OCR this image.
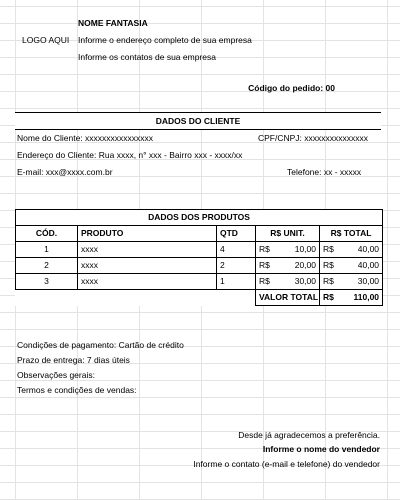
LOGO AQUI
NOME FANTASIA
Informe o endereço completo de sua empresa
Informe os contatos de sua empresa
Código do pedido: 00
DADOS DO CLIENTE
Nome do Cliente: xxxxxxxxxxxxxxxx	CPF/CNPJ: xxxxxxxxxxxxxxx
Endereço do Cliente: Rua xxxx, n° xxx - Bairro xxx - xxxx/xx
E-mail: xxx@xxxx.com.br	Telefone: xx - xxxxx
DADOS DOS PRODUTOS				
CÓD.	PRODUTO	QTD	R$ UNIT.	R$ TOTAL
1	xxxx	4	R$ 10,00	R$ 40,00

2	xxxx	2	R$ 20,00	R$ 40,00

3	xxxx	1	R$ 30,00	R$ 30,00

			VALOR TOTAL	R$ 110,00
Condições de pagamento: Cartão de crédito
Prazo de entrega: 7 dias úteis
Observações gerais:
Termos e condições de vendas:
Desde já agradecemos a preferência.
Informe o nome do vendedor
Informe o contato (e-mail e telefone) do vendedor
